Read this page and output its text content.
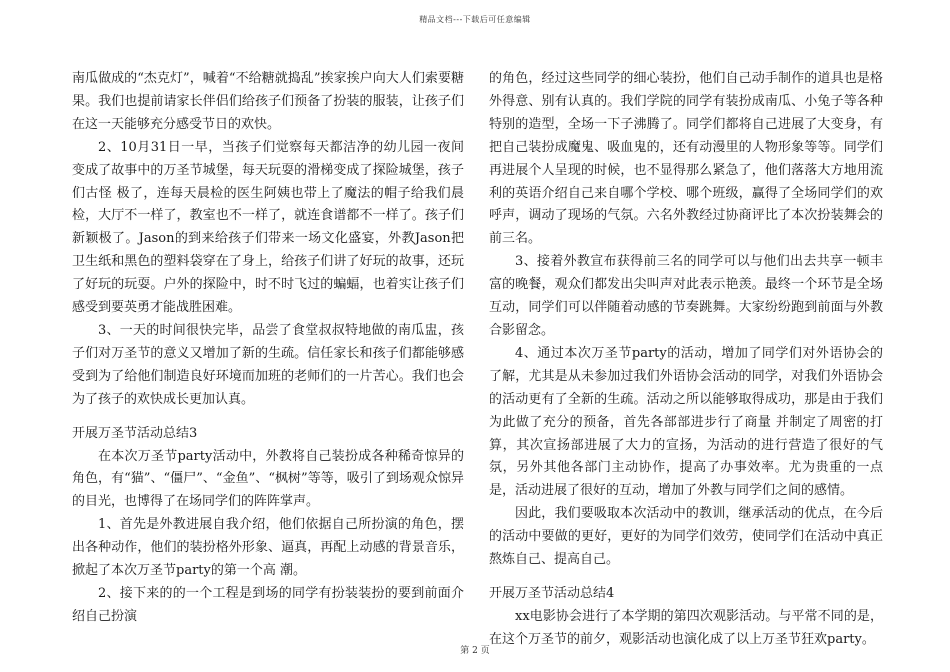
精品文档---下载后可任意编辑

南瓜做成的“杰克灯”，喊着“不给糖就捣乱”挨家挨户向大人们索要糖果。我们也提前请家长伴侣们给孩子们预备了扮装的服装，让孩子们在这一天能够充分感受节日的欢快。

2、10月31日一早，当孩子们觉察每天都洁净的幼儿园一夜间变成了故事中的万圣节城堡，每天玩耍的滑梯变成了探险城堡，孩子们古怪 极了，连每天晨检的医生阿姨也带上了魔法的帽子给我们晨检，大厅不一样了，教室也不一样了，就连食谱都不一样了。孩子们新颖极了。Jason的到来给孩子们带来一场文化盛宴，外教Jason把卫生纸和黑色的塑料袋穿在了身上，给孩子们讲了好玩的故事，还玩了好玩的玩耍。户外的探险中，时不时飞过的蝙蝠，也着实让孩子们感受到要英勇才能战胜困难。

3、一天的时间很快完毕，品尝了食堂叔叔特地做的南瓜盅，孩子们对万圣节的意义又增加了新的生疏。信任家长和孩子们都能够感受到为了给他们制造良好环境而加班的老师们的一片苦心。我们也会为了孩子的欢快成长更加认真。

开展万圣节活动总结3

在本次万圣节party活动中，外教将自己装扮成各种稀奇惊异的角色，有“猫”、“僵尸”、“金鱼”、“枫树”等等，吸引了到场观众惊异的目光，也博得了在场同学们的阵阵掌声。

1、首先是外教进展自我介绍，他们依据自己所扮演的角色，摆出各种动作，他们的装扮格外形象、逼真，再配上动感的背景音乐，掀起了本次万圣节party的第一个高 潮。

2、接下来的的一个工程是到场的同学有扮装装扮的要到前面介绍自己扮演

的角色，经过这些同学的细心装扮，他们自己动手制作的道具也是格外得意、别有认真的。我们学院的同学有装扮成南瓜、小兔子等各种特别的造型，全场一下子沸腾了。同学们都将自己进展了大变身，有把自己装扮成魔鬼、吸血鬼的，还有动漫里的人物形象等等。同学们再进展个人呈现的时候，也不显得那么紧急了，他们落落大方地用流利的英语介绍自己来自哪个学校、哪个班级，赢得了全场同学们的欢呼声，调动了现场的气氛。六名外教经过协商评比了本次扮装舞会的前三名。

3、接着外教宣布获得前三名的同学可以与他们出去共享一顿丰富的晚餐，观众们都发出尖叫声对此表示艳羡。最终一个环节是全场互动，同学们可以伴随着动感的节奏跳舞。大家纷纷跑到前面与外教合影留念。

4、通过本次万圣节party的活动，增加了同学们对外语协会的了解，尤其是从未参加过我们外语协会活动的同学，对我们外语协会的活动更有了全新的生疏。活动之所以能够取得成功，那是由于我们为此做了充分的预备，首先各部部进步行了商量 并制定了周密的打算，其次宣扬部进展了大力的宣扬，为活动的进行营造了很好的气氛，另外其他各部门主动协作，提高了办事效率。尤为贵重的一点是，活动进展了很好的互动，增加了外教与同学们之间的感情。

因此，我们要吸取本次活动中的教训，继承活动的优点，在今后的活动中要做的更好，更好的为同学们效劳，使同学们在活动中真正熬炼自己、提高自己。

开展万圣节活动总结4

xx电影协会进行了本学期的第四次观影活动。与平常不同的是，在这个万圣节的前夕，观影活动也演化成了以上万圣节狂欢party。

第 2 页
